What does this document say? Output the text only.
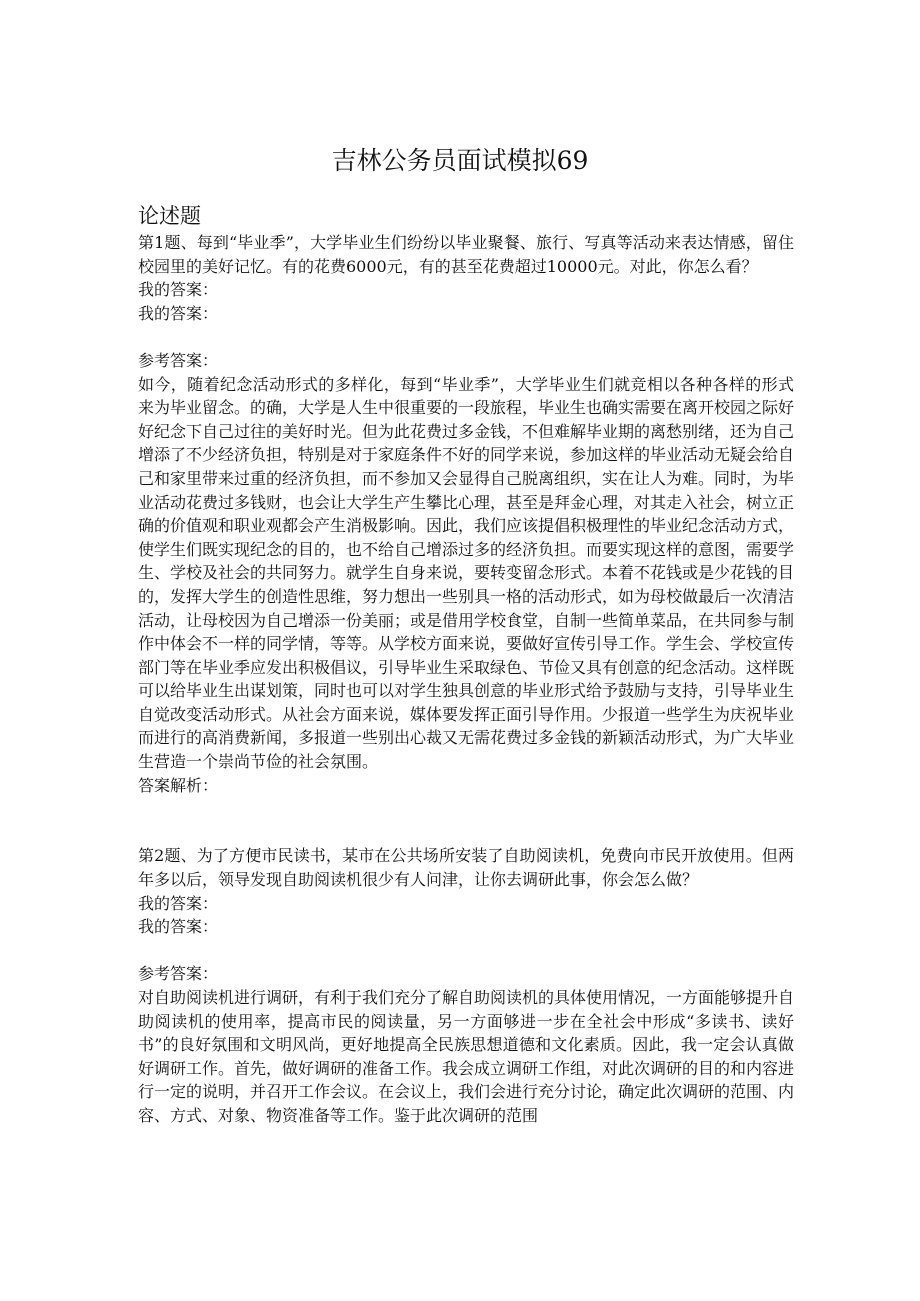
吉林公务员面试模拟69
论述题

第1题、每到“毕业季”，大学毕业生们纷纷以毕业聚餐、旅行、写真等活动来表达情感，留住校园里的美好记忆。有的花费6000元，有的甚至花费超过10000元。对此，你怎么看？

我的答案：

我的答案：

参考答案：

如今，随着纪念活动形式的多样化，每到“毕业季”，大学毕业生们就竞相以各种各样的形式来为毕业留念。的确，大学是人生中很重要的一段旅程，毕业生也确实需要在离开校园之际好好纪念下自己过往的美好时光。但为此花费过多金钱，不但难解毕业期的离愁别绪，还为自己增添了不少经济负担，特别是对于家庭条件不好的同学来说，参加这样的毕业活动无疑会给自己和家里带来过重的经济负担，而不参加又会显得自己脱离组织，实在让人为难。同时，为毕业活动花费过多钱财，也会让大学生产生攀比心理，甚至是拜金心理，对其走入社会，树立正确的价值观和职业观都会产生消极影响。因此，我们应该提倡积极理性的毕业纪念活动方式，使学生们既实现纪念的目的，也不给自己增添过多的经济负担。而要实现这样的意图，需要学生、学校及社会的共同努力。就学生自身来说，要转变留念形式。本着不花钱或是少花钱的目的，发挥大学生的创造性思维，努力想出一些别具一格的活动形式，如为母校做最后一次清洁活动，让母校因为自己增添一份美丽；或是借用学校食堂，自制一些简单菜品，在共同参与制作中体会不一样的同学情，等等。从学校方面来说，要做好宣传引导工作。学生会、学校宣传部门等在毕业季应发出积极倡议，引导毕业生采取绿色、节俭又具有创意的纪念活动。这样既可以给毕业生出谋划策，同时也可以对学生独具创意的毕业形式给予鼓励与支持，引导毕业生自觉改变活动形式。从社会方面来说，媒体要发挥正面引导作用。少报道一些学生为庆祝毕业而进行的高消费新闻，多报道一些别出心裁又无需花费过多金钱的新颖活动形式，为广大毕业生营造一个崇尚节俭的社会氛围。

答案解析：

第2题、为了方便市民读书，某市在公共场所安装了自助阅读机，免费向市民开放使用。但两年多以后，领导发现自助阅读机很少有人问津，让你去调研此事，你会怎么做？

我的答案：

我的答案：

参考答案：

对自助阅读机进行调研，有利于我们充分了解自助阅读机的具体使用情况，一方面能够提升自助阅读机的使用率，提高市民的阅读量，另一方面够进一步在全社会中形成“多读书、读好书”的良好氛围和文明风尚，更好地提高全民族思想道德和文化素质。因此，我一定会认真做好调研工作。首先，做好调研的准备工作。我会成立调研工作组，对此次调研的目的和内容进行一定的说明，并召开工作会议。在会议上，我们会进行充分讨论，确定此次调研的范围、内容、方式、对象、物资准备等工作。鉴于此次调研的范围
